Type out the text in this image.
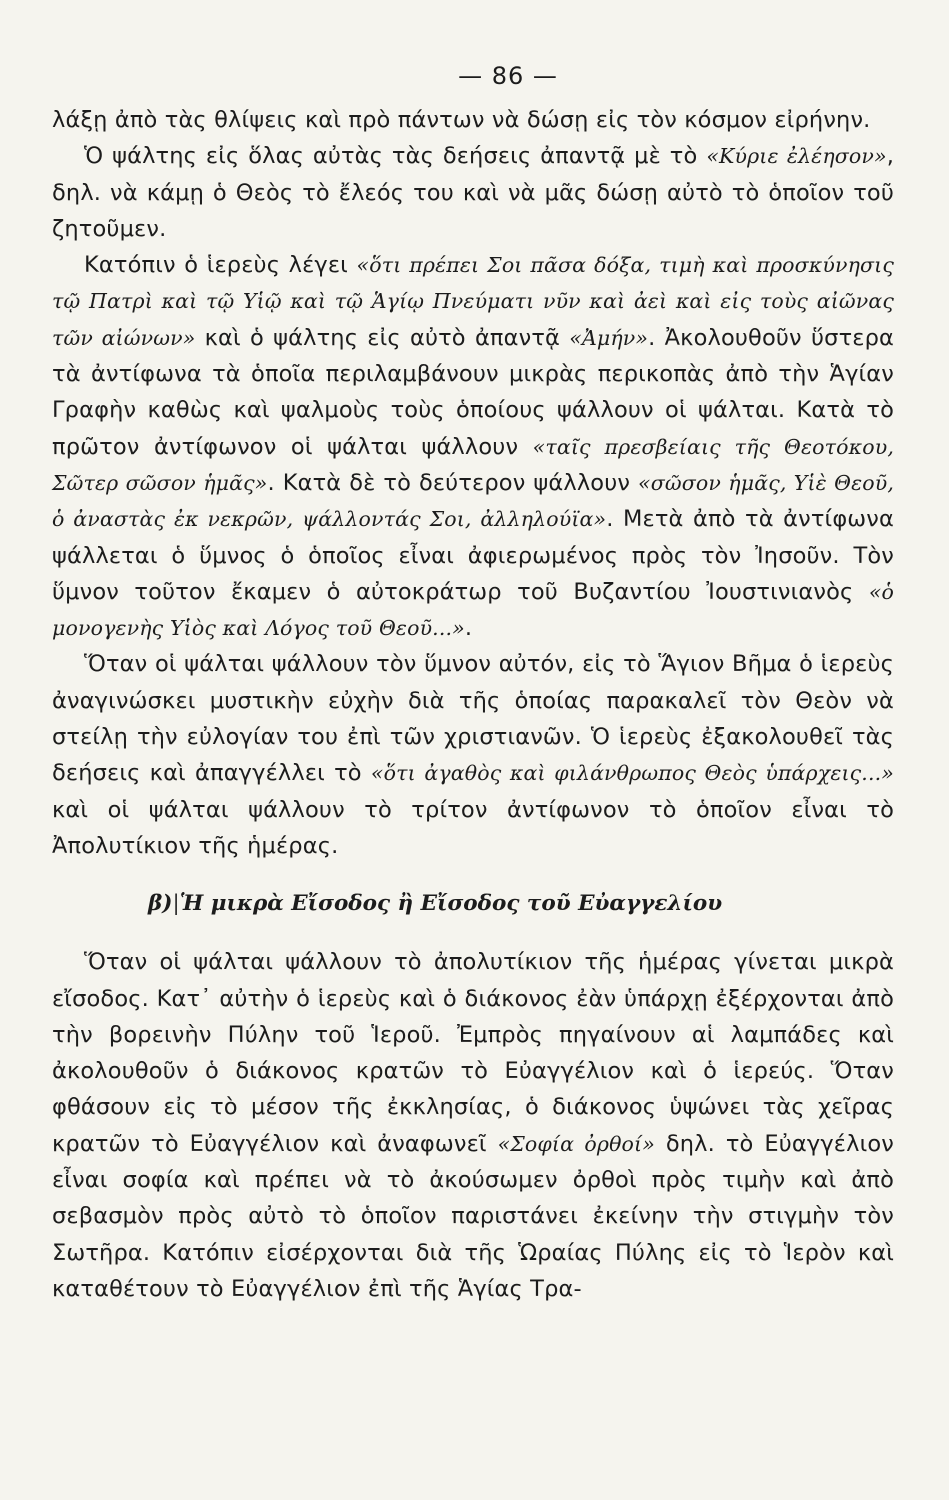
— 86 —

λάξῃ ἀπὸ τὰς θλίψεις καὶ πρὸ πάντων νὰ δώσῃ εἰς τὸν κόσμον εἰρήνην.

Ὁ ψάλτης εἰς ὅλας αὐτὰς τὰς δεήσεις ἀπαντᾷ μὲ τὸ «Κύριε ἐλέησον», δηλ. νὰ κάμῃ ὁ Θεὸς τὸ ἔλεός του καὶ νὰ μᾶς δώσῃ αὐτὸ τὸ ὁποῖον τοῦ ζητοῦμεν.

Κατόπιν ὁ ἱερεὺς λέγει «ὅτι πρέπει Σοι πᾶσα δόξα, τιμὴ καὶ προσκύνησις τῷ Πατρὶ καὶ τῷ Υἱῷ καὶ τῷ Ἁγίῳ Πνεύματι νῦν καὶ ἀεὶ καὶ εἰς τοὺς αἰῶνας τῶν αἰώνων» καὶ ὁ ψάλτης εἰς αὐτὸ ἀπαντᾷ «Ἀμήν». Ἀκολουθοῦν ὕστερα τὰ ἀντίφωνα τὰ ὁποῖα περιλαμβάνουν μικρὰς περικοπὰς ἀπὸ τὴν Ἁγίαν Γραφὴν καθὼς καὶ ψαλμοὺς τοὺς ὁποίους ψάλλουν οἱ ψάλται. Κατὰ τὸ πρῶτον ἀντίφωνον οἱ ψάλται ψάλλουν «ταῖς πρεσβείαις τῆς Θεοτόκου, Σῶτερ σῶσον ἡμᾶς». Κατὰ δὲ τὸ δεύτερον ψάλλουν «σῶσον ἡμᾶς, Υἱὲ Θεοῦ, ὁ ἀναστὰς ἐκ νεκρῶν, ψάλλοντάς Σοι, ἀλληλούϊα». Μετὰ ἀπὸ τὰ ἀντίφωνα ψάλλεται ὁ ὕμνος ὁ ὁποῖος εἶναι ἀφιερωμένος πρὸς τὸν Ἰησοῦν. Τὸν ὕμνον τοῦτον ἔκαμεν ὁ αὐτοκράτωρ τοῦ Βυζαντίου Ἰουστινιανὸς «ὁ μονογενὴς Υἱὸς καὶ Λόγος τοῦ Θεοῦ...».

Ὅταν οἱ ψάλται ψάλλουν τὸν ὕμνον αὐτόν, εἰς τὸ Ἅγιον Βῆμα ὁ ἱερεὺς ἀναγινώσκει μυστικὴν εὐχὴν διὰ τῆς ὁποίας παρακαλεῖ τὸν Θεὸν νὰ στείλῃ τὴν εὐλογίαν του ἐπὶ τῶν χριστιανῶν. Ὁ ἱερεὺς ἐξακολουθεῖ τὰς δεήσεις καὶ ἀπαγγέλλει τὸ «ὅτι ἀγαθὸς καὶ φιλάνθρωπος Θεὸς ὑπάρχεις...» καὶ οἱ ψάλται ψάλλουν τὸ τρίτον ἀντίφωνον τὸ ὁποῖον εἶναι τὸ Ἀπολυτίκιον τῆς ἡμέρας.

β)|Ἡ μικρὰ Εἴσοδος ἢ Εἴσοδος τοῦ Εὐαγγελίου

Ὅταν οἱ ψάλται ψάλλουν τὸ ἀπολυτίκιον τῆς ἡμέρας γίνεται μικρὰ εἴσοδος. Κατ᾿ αὐτὴν ὁ ἱερεὺς καὶ ὁ διάκονος ἐὰν ὑπάρχῃ ἐξέρχονται ἀπὸ τὴν βορεινὴν Πύλην τοῦ Ἱεροῦ. Ἐμπρὸς πηγαίνουν αἱ λαμπάδες καὶ ἀκολουθοῦν ὁ διάκονος κρατῶν τὸ Εὐαγγέλιον καὶ ὁ ἱερεύς. Ὅταν φθάσουν εἰς τὸ μέσον τῆς ἐκκλησίας, ὁ διάκονος ὑψώνει τὰς χεῖρας κρατῶν τὸ Εὐαγγέλιον καὶ ἀναφωνεῖ «Σοφία ὀρθοί» δηλ. τὸ Εὐαγγέλιον εἶναι σοφία καὶ πρέπει νὰ τὸ ἀκούσωμεν ὀρθοὶ πρὸς τιμὴν καὶ ἀπὸ σεβασμὸν πρὸς αὐτὸ τὸ ὁποῖον παριστάνει ἐκείνην τὴν στιγμὴν τὸν Σωτῆρα. Κατόπιν εἰσέρχονται διὰ τῆς Ὡραίας Πύλης εἰς τὸ Ἱερὸν καὶ καταθέτουν τὸ Εὐαγγέλιον ἐπὶ τῆς Ἁγίας Τρα-
